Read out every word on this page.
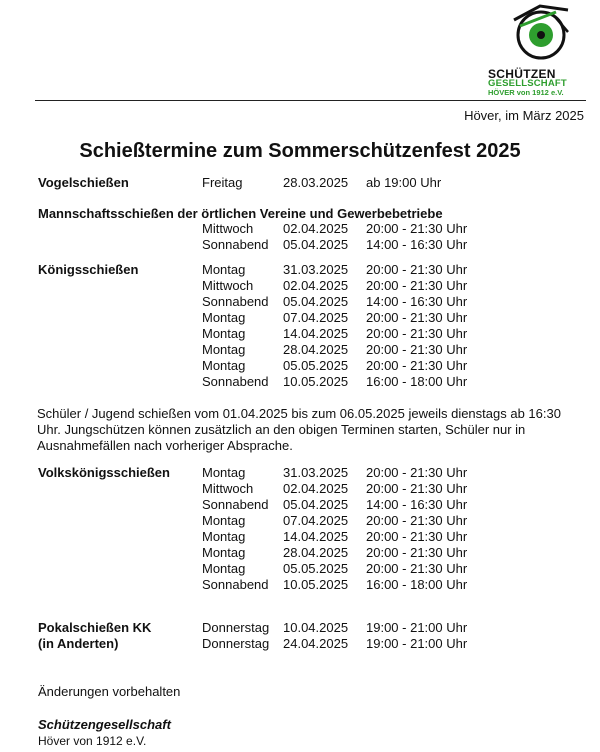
SCHÜTZEN
GESELLSCHAFT
HÖVER von 1912 e.V.
Höver, im März 2025
Schießtermine zum Sommerschützenfest 2025
Vogelschießen	Freitag	28.03.2025 ab 19:00 Uhr
Mannschaftsschießen der örtlichen Vereine und Gewerbebetriebe
Mittwoch 02.04.2025 20:00 - 21:30 Uhr
Sonnabend 05.04.2025 14:00 - 16:30 Uhr
Königsschießen	Montag	31.03.2025 20:00 - 21:30 Uhr
Mittwoch 02.04.2025 20:00 - 21:30 Uhr
Sonnabend 05.04.2025 14:00 - 16:30 Uhr
Montag	07.04.2025 20:00 - 21:30 Uhr
Montag	14.04.2025 20:00 - 21:30 Uhr
Montag	28.04.2025 20:00 - 21:30 Uhr
Montag	05.05.2025 20:00 - 21:30 Uhr
Sonnabend 10.05.2025 16:00 - 18:00 Uhr
Schüler / Jugend schießen vom 01.04.2025 bis zum 06.05.2025 jeweils dienstags ab 16:30 Uhr. Jungschützen können zusätzlich an den obigen Terminen starten, Schüler nur in Ausnahmefällen nach vorheriger Absprache.
Volkskönigsschießen Montag	31.03.2025 20:00 - 21:30 Uhr
Mittwoch 02.04.2025 20:00 - 21:30 Uhr
Sonnabend 05.04.2025 14:00 - 16:30 Uhr
Montag	07.04.2025 20:00 - 21:30 Uhr
Montag	14.04.2025 20:00 - 21:30 Uhr
Montag	28.04.2025 20:00 - 21:30 Uhr
Montag	05.05.2025 20:00 - 21:30 Uhr
Sonnabend 10.05.2025 16:00 - 18:00 Uhr
Pokalschießen KK
(in Anderten)
Donnerstag 10.04.2025 19:00 - 21:00 Uhr
Donnerstag 24.04.2025 19:00 - 21:00 Uhr
Änderungen vorbehalten
Schützengesellschaft
Höver von 1912 e.V.
